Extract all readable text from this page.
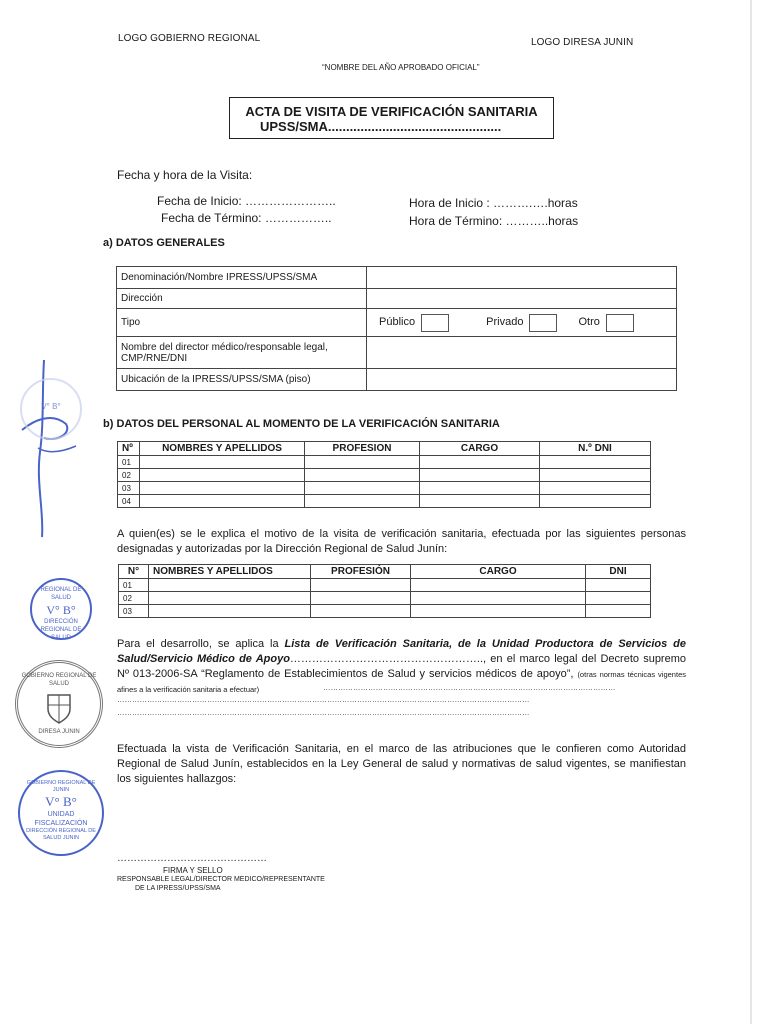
LOGO GOBIERNO REGIONAL	LOGO DIRESA JUNIN
“NOMBRE DEL AÑO APROBADO OFICIAL”
ACTA DE VISITA DE VERIFICACIÓN SANITARIA
UPSS/SMA................................................
Fecha y hora de la Visita:
Fecha de Inicio: …………………..
Fecha de Término: ……………..
Hora de Inicio : ……….….horas
Hora de Término: ………..horas
a) DATOS GENERALES
Denominación/Nombre IPRESS/UPSS/SMA	
Dirección	
Tipo	Público Privado Otro
Nombre del director médico/responsable legal, CMP/RNE/DNI	
Ubicación de la IPRESS/UPSS/SMA (piso)	
b) DATOS DEL PERSONAL AL MOMENTO DE LA VERIFICACIÓN SANITARIA
Nº	NOMBRES Y APELLIDOS	PROFESION	CARGO	N.º DNI
01				
02				
03				
04				
A quien(es) se le explica el motivo de la visita de verificación sanitaria, efectuada por las siguientes personas designadas y autorizadas por la Dirección Regional de Salud Junín:
N°	NOMBRES Y APELLIDOS	PROFESIÓN	CARGO	DNI
01				
02				
03				
Para el desarrollo, se aplica la Lista de Verificación Sanitaria, de la Unidad Productora de Servicios de Salud/Servicio Médico de Apoyo…………………………………………….., en el marco legal del Decreto supremo Nº 013-2006-SA “Reglamento de Establecimientos de Salud y servicios médicos de apoyo”, (otras normas técnicas vigentes afines a la verificación sanitaria a efectuar)	………………………………………………………………………………………………………
…………………………………………………………………………………………………………………………………………………
…………………………………………………………………………………………………………………………………………………
Efectuada la vista de Verificación Sanitaria, en el marco de las atribuciones que le confieren como Autoridad Regional de Salud Junín, establecidos en la Ley General de salud y normativas de salud vigentes, se manifiestan los siguientes hallazgos:
………………………………………
FIRMA Y SELLO
RESPONSABLE LEGAL/DIRECTOR MEDICO/REPRESENTANTE
DE LA IPRESS/UPSS/SMA
V° B°
REGIONAL DE SALUD
V° B°
DIRECCIÓN REGIONAL DE SALUD
GOBIERNO REGIONAL DE SALUD
DIRESA JUNIN
GOBIERNO REGIONAL DE JUNIN
V° B°
UNIDAD FISCALIZACIÓN
DIRECCIÓN REGIONAL DE SALUD JUNIN
